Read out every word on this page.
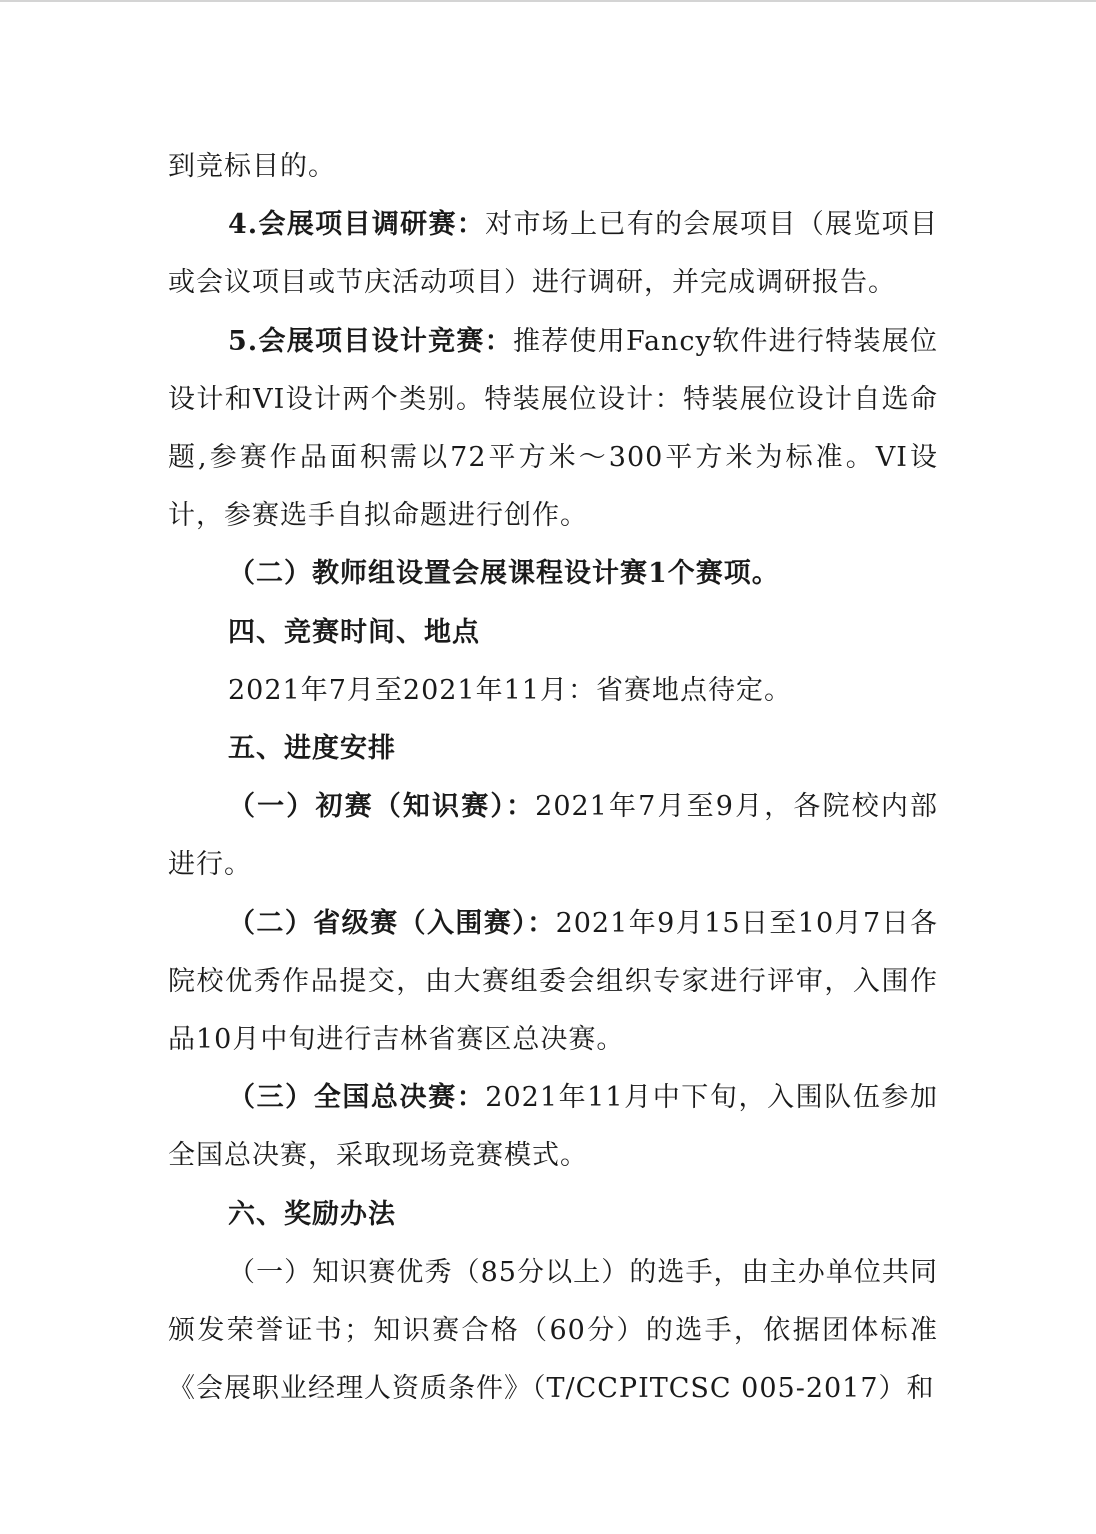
到竞标目的。

4.会展项目调研赛：对市场上已有的会展项目（展览项目或会议项目或节庆活动项目）进行调研，并完成调研报告。

5.会展项目设计竞赛：推荐使用Fancy软件进行特装展位设计和VI设计两个类别。特装展位设计：特装展位设计自选命题,参赛作品面积需以72平方米～300平方米为标准。VI设计，参赛选手自拟命题进行创作。

（二）教师组设置会展课程设计赛1个赛项。

四、竞赛时间、地点

2021年7月至2021年11月：省赛地点待定。

五、进度安排

（一）初赛（知识赛）：2021年7月至9月，各院校内部进行。

（二）省级赛（入围赛）：2021年9月15日至10月7日各院校优秀作品提交，由大赛组委会组织专家进行评审，入围作品10月中旬进行吉林省赛区总决赛。

（三）全国总决赛：2021年11月中下旬，入围队伍参加全国总决赛，采取现场竞赛模式。

六、奖励办法

（一）知识赛优秀（85分以上）的选手，由主办单位共同颁发荣誉证书；知识赛合格（60分）的选手，依据团体标准《会展职业经理人资质条件》（T/CCPITCSC 005-2017）和
